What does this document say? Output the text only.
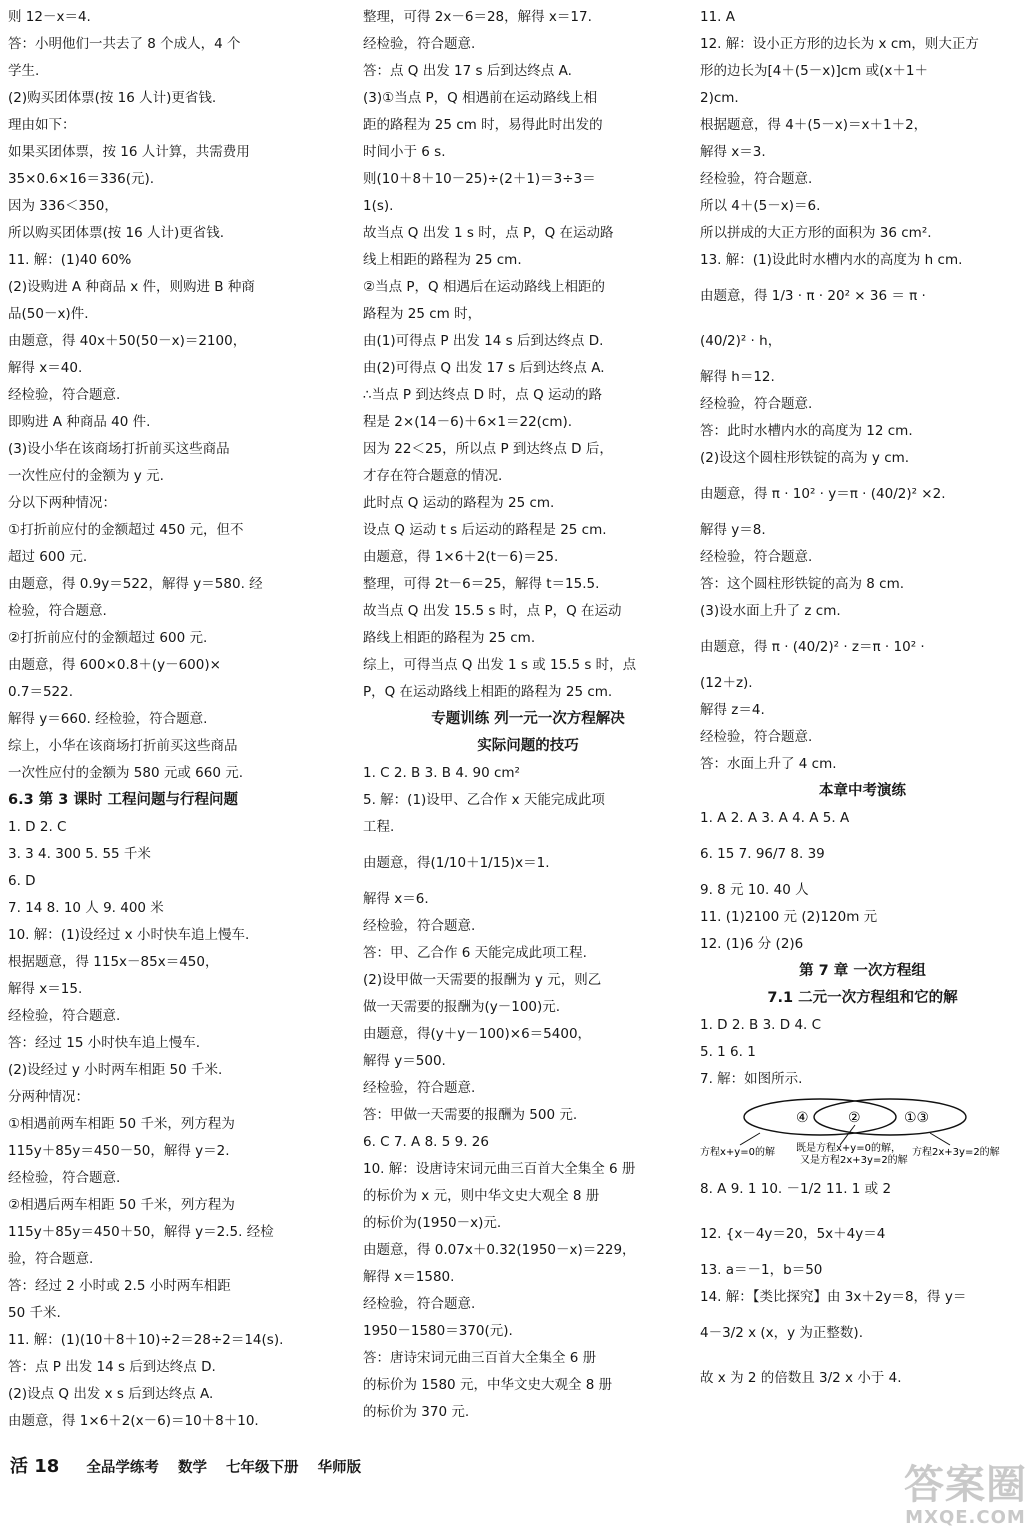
则 12－x＝4.
答：小明他们一共去了 8 个成人，4 个
学生.
(2)购买团体票(按 16 人计)更省钱.
理由如下：
如果买团体票，按 16 人计算，共需费用
35×0.6×16＝336(元).
因为 336＜350，
所以购买团体票(按 16 人计)更省钱.
11. 解：(1)40 60%
(2)设购进 A 种商品 x 件，则购进 B 种商
品(50－x)件.
由题意，得 40x＋50(50－x)＝2100，
解得 x＝40.
经检验，符合题意.
即购进 A 种商品 40 件.
(3)设小华在该商场打折前买这些商品
一次性应付的金额为 y 元.
分以下两种情况：
①打折前应付的金额超过 450 元，但不
超过 600 元.
由题意，得 0.9y＝522，解得 y＝580. 经
检验，符合题意.
②打折前应付的金额超过 600 元.
由题意，得 600×0.8＋(y－600)×
0.7＝522.
解得 y＝660. 经检验，符合题意.
综上，小华在该商场打折前买这些商品
一次性应付的金额为 580 元或 660 元.
6.3 第 3 课时 工程问题与行程问题
1. D 2. C
3. 3 4. 300 5. 55 千米
6. D
7. 14 8. 10 人 9. 400 米
10. 解：(1)设经过 x 小时快车追上慢车.
根据题意，得 115x－85x＝450，
解得 x＝15.
经检验，符合题意.
答：经过 15 小时快车追上慢车.
(2)设经过 y 小时两车相距 50 千米.
分两种情况：
①相遇前两车相距 50 千米，列方程为
115y＋85y＝450－50，解得 y＝2.
经检验，符合题意.
②相遇后两车相距 50 千米，列方程为
115y＋85y＝450＋50，解得 y＝2.5. 经检
验，符合题意.
答：经过 2 小时或 2.5 小时两车相距
50 千米.
11. 解：(1)(10＋8＋10)÷2＝28÷2＝14(s).
答：点 P 出发 14 s 后到达终点 D.
(2)设点 Q 出发 x s 后到达终点 A.
由题意，得 1×6＋2(x－6)＝10＋8＋10.
整理，可得 2x－6＝28，解得 x＝17.
经检验，符合题意.
答：点 Q 出发 17 s 后到达终点 A.
(3)①当点 P，Q 相遇前在运动路线上相
距的路程为 25 cm 时，易得此时出发的
时间小于 6 s.
则(10＋8＋10－25)÷(2＋1)＝3÷3＝
1(s).
故当点 Q 出发 1 s 时，点 P，Q 在运动路
线上相距的路程为 25 cm.
②当点 P，Q 相遇后在运动路线上相距的
路程为 25 cm 时，
由(1)可得点 P 出发 14 s 后到达终点 D.
由(2)可得点 Q 出发 17 s 后到达终点 A.
∴当点 P 到达终点 D 时，点 Q 运动的路
程是 2×(14－6)＋6×1＝22(cm).
因为 22＜25，所以点 P 到达终点 D 后，
才存在符合题意的情况.
此时点 Q 运动的路程为 25 cm.
设点 Q 运动 t s 后运动的路程是 25 cm.
由题意，得 1×6＋2(t－6)＝25.
整理，可得 2t－6＝25，解得 t＝15.5.
故当点 Q 出发 15.5 s 时，点 P，Q 在运动
路线上相距的路程为 25 cm.
综上，可得当点 Q 出发 1 s 或 15.5 s 时，点
P，Q 在运动路线上相距的路程为 25 cm.
专题训练 列一元一次方程解决
实际问题的技巧
1. C 2. B 3. B 4. 90 cm²
5. 解：(1)设甲、乙合作 x 天能完成此项
工程.
由题意，得(1/10＋1/15)x＝1.
解得 x＝6.
经检验，符合题意.
答：甲、乙合作 6 天能完成此项工程.
(2)设甲做一天需要的报酬为 y 元，则乙
做一天需要的报酬为(y－100)元.
由题意，得(y＋y－100)×6＝5400，
解得 y＝500.
经检验，符合题意.
答：甲做一天需要的报酬为 500 元.
6. C 7. A 8. 5 9. 26
10. 解：设唐诗宋词元曲三百首大全集全 6 册
的标价为 x 元，则中华文史大观全 8 册
的标价为(1950－x)元.
由题意，得 0.07x＋0.32(1950－x)＝229，
解得 x＝1580.
经检验，符合题意.
1950－1580＝370(元).
答：唐诗宋词元曲三百首大全集全 6 册
的标价为 1580 元，中华文史大观全 8 册
的标价为 370 元.
11. A
12. 解：设小正方形的边长为 x cm，则大正方
形的边长为[4＋(5－x)]cm 或(x＋1＋
2)cm.
根据题意，得 4＋(5－x)＝x＋1＋2，
解得 x＝3.
经检验，符合题意.
所以 4＋(5－x)＝6.
所以拼成的大正方形的面积为 36 cm².
13. 解：(1)设此时水槽内水的高度为 h cm.
由题意，得 1/3 · π · 20² × 36 ＝ π ·
(40/2)² · h，
解得 h＝12.
经检验，符合题意.
答：此时水槽内水的高度为 12 cm.
(2)设这个圆柱形铁锭的高为 y cm.
由题意，得 π · 10² · y＝π · (40/2)² ×2.
解得 y＝8.
经检验，符合题意.
答：这个圆柱形铁锭的高为 8 cm.
(3)设水面上升了 z cm.
由题意，得 π · (40/2)² · z＝π · 10² ·
(12＋z).
解得 z＝4.
经检验，符合题意.
答：水面上升了 4 cm.
本章中考演练
1. A 2. A 3. A 4. A 5. A
6. 15 7. 96/7 8. 39
9. 8 元 10. 40 人
11. (1)2100 元 (2)120m 元
12. (1)6 分 (2)6
第 7 章 一次方程组
7.1 二元一次方程组和它的解
1. D 2. B 3. D 4. C
5. 1 6. 1
7. 解：如图所示.
④	②	①③
方程x+y=0的解 既是方程x+y=0的解，
又是方程2x+3y=2的解
方程2x+3y=2的解
8. A 9. 1 10. －1/2 11. 1 或 2
12. {x－4y＝20，5x＋4y＝4
13. a＝－1，b＝50
14. 解：【类比探究】由 3x＋2y＝8，得 y＝
4－3/2 x (x，y 为正整数).
故 x 为 2 的倍数且 3/2 x 小于 4.
活 18 全品学练考 数学 七年级下册 华师版	答案圈
MXQE.COM
